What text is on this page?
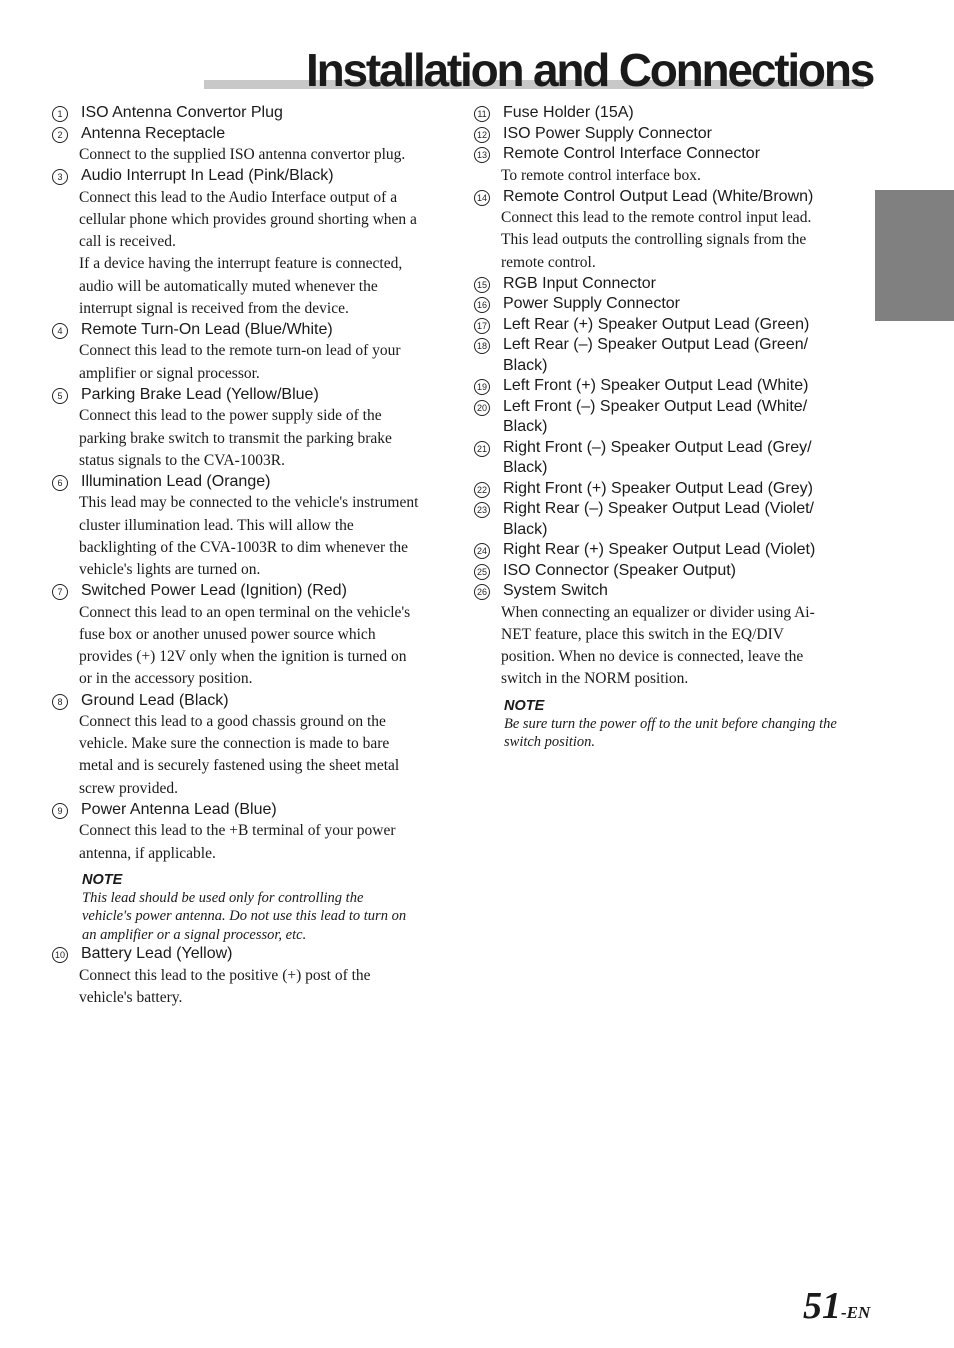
Installation and Connections
1	ISO Antenna Convertor Plug
2	Antenna Receptacle
Connect to the supplied ISO antenna convertor plug.
3	Audio Interrupt In Lead (Pink/Black)
Connect this lead to the Audio Interface output of a
cellular phone which provides ground shorting when a
call is received.
If a device having the interrupt feature is connected,
audio will be automatically muted whenever the
interrupt signal is received from the device.
4	Remote Turn-On Lead (Blue/White)
Connect this lead to the remote turn-on lead of your
amplifier or signal processor.
5	Parking Brake Lead (Yellow/Blue)
Connect this lead to the power supply side of the
parking brake switch to transmit the parking brake
status signals to the CVA-1003R.
6	Illumination Lead (Orange)
This lead may be connected to the vehicle's instrument
cluster illumination lead. This will allow the
backlighting of the CVA-1003R to dim whenever the
vehicle's lights are turned on.
7	Switched Power Lead (Ignition) (Red)
Connect this lead to an open terminal on the vehicle's
fuse box or another unused power source which
provides (+) 12V only when the ignition is turned on
or in the accessory position.
8	Ground Lead (Black)
Connect this lead to a good chassis ground on the
vehicle. Make sure the connection is made to bare
metal and is securely fastened using the sheet metal
screw provided.
9	Power Antenna Lead (Blue)
Connect this lead to the +B terminal of your power
antenna, if applicable.
NOTE
This lead should be used only for controlling the
vehicle's power antenna. Do not use this lead to turn on
an amplifier or a signal processor, etc.
10 Battery Lead (Yellow)
Connect this lead to the positive (+) post of the
vehicle's battery.
11 Fuse Holder (15A)
12 ISO Power Supply Connector
13 Remote Control Interface Connector
To remote control interface box.
14 Remote Control Output Lead (White/Brown)
Connect this lead to the remote control input lead.
This lead outputs the controlling signals from the
remote control.
15 RGB Input Connector
16 Power Supply Connector
17 Left Rear (+) Speaker Output Lead (Green)
18 Left Rear (–) Speaker Output Lead (Green/
Black)
19 Left Front (+) Speaker Output Lead (White)
20 Left Front (–) Speaker Output Lead (White/
Black)
21 Right Front (–) Speaker Output Lead (Grey/
Black)
22 Right Front (+) Speaker Output Lead (Grey)
23 Right Rear (–) Speaker Output Lead (Violet/
Black)
24 Right Rear (+) Speaker Output Lead (Violet)
25 ISO Connector (Speaker Output)
26 System Switch
When connecting an equalizer or divider using Ai-
NET feature, place this switch in the EQ/DIV
position. When no device is connected, leave the
switch in the NORM position.
NOTE
Be sure turn the power off to the unit before changing the
switch position.
51-EN
